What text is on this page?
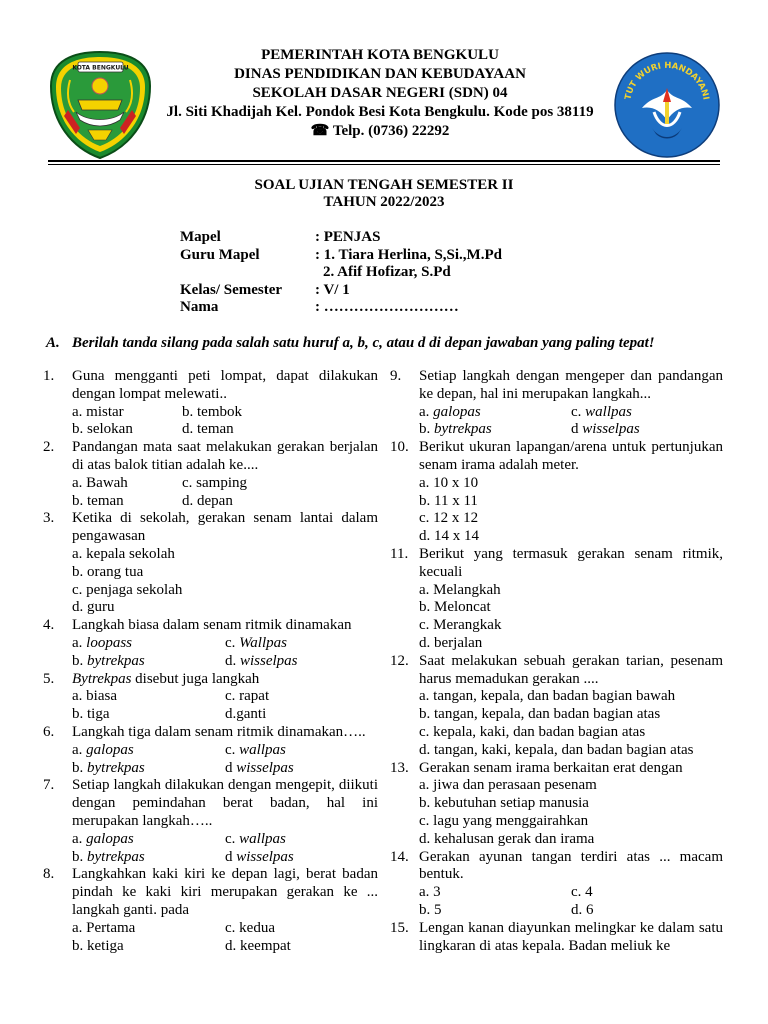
KOTA BENGKULU
TUT WURI HANDAYANI
PEMERINTAH KOTA BENGKULU
DINAS PENDIDIKAN DAN KEBUDAYAAN
SEKOLAH DASAR NEGERI (SDN) 04
Jl. Siti Khadijah Kel. Pondok Besi Kota Bengkulu. Kode pos 38119
☎ Telp. (0736) 22292
SOAL UJIAN TENGAH SEMESTER II
TAHUN 2022/2023
Mapel	: PENJAS
Guru Mapel	: 1. Tiara Herlina, S,Si.,M.Pd
2. Afif Hofizar, S.Pd
Kelas/ Semester	: V/ 1
Nama	: ………………………
A. Berilah tanda silang pada salah satu huruf a, b, c, atau d di depan jawaban yang paling tepat!
1.	Guna mengganti peti lompat, dapat dilakukan dengan lompat melewati..
a. mistar	b. tembok
b. selokan	d. teman
2.	Pandangan mata saat melakukan gerakan berjalan di atas balok titian adalah ke....
a. Bawah	c. samping
b. teman	d. depan
3.	Ketika di sekolah, gerakan senam lantai dalam pengawasan
a. kepala sekolah
b. orang tua
c. penjaga sekolah
d. guru
4.	Langkah biasa dalam senam ritmik dinamakan
a. loopass	c. Wallpas
b. bytrekpas	d. wisselpas
5.	Bytrekpas disebut juga langkah
a. biasa	c. rapat
b. tiga	d.ganti
6.	Langkah tiga dalam senam ritmik dinamakan…..
a. galopas	c. wallpas
b. bytrekpas	d wisselpas
7.	Setiap langkah dilakukan dengan mengepit, diikuti dengan pemindahan berat badan, hal ini merupakan langkah…..
a. galopas	c. wallpas
b. bytrekpas	d wisselpas
8.	Langkahkan kaki kiri ke depan lagi, berat badan pindah ke kaki kiri merupakan gerakan ke ... langkah ganti. pada
a. Pertama	c. kedua
b. ketiga	d. keempat
9.	Setiap langkah dengan mengeper dan pandangan ke depan, hal ini merupakan langkah...
a. galopas	c. wallpas
b. bytrekpas	d wisselpas
10. Berikut ukuran lapangan/arena untuk pertunjukan senam irama adalah meter.
a. 10 x 10
b. 11 x 11
c. 12 x 12
d. 14 x 14
11. Berikut yang termasuk gerakan senam ritmik, kecuali
a. Melangkah
b. Meloncat
c. Merangkak
d. berjalan
12. Saat melakukan sebuah gerakan tarian, pesenam harus memadukan gerakan ....
a. tangan, kepala, dan badan bagian bawah
b. tangan, kepala, dan badan bagian atas
c. kepala, kaki, dan badan bagian atas
d. tangan, kaki, kepala, dan badan bagian atas
13. Gerakan senam irama berkaitan erat dengan
a. jiwa dan perasaan pesenam
b. kebutuhan setiap manusia
c. lagu yang menggairahkan
d. kehalusan gerak dan irama
14. Gerakan ayunan tangan terdiri atas ... macam bentuk.
a. 3	c. 4
b. 5	d. 6
15. Lengan kanan diayunkan melingkar ke dalam satu lingkaran di atas kepala. Badan meliuk ke
